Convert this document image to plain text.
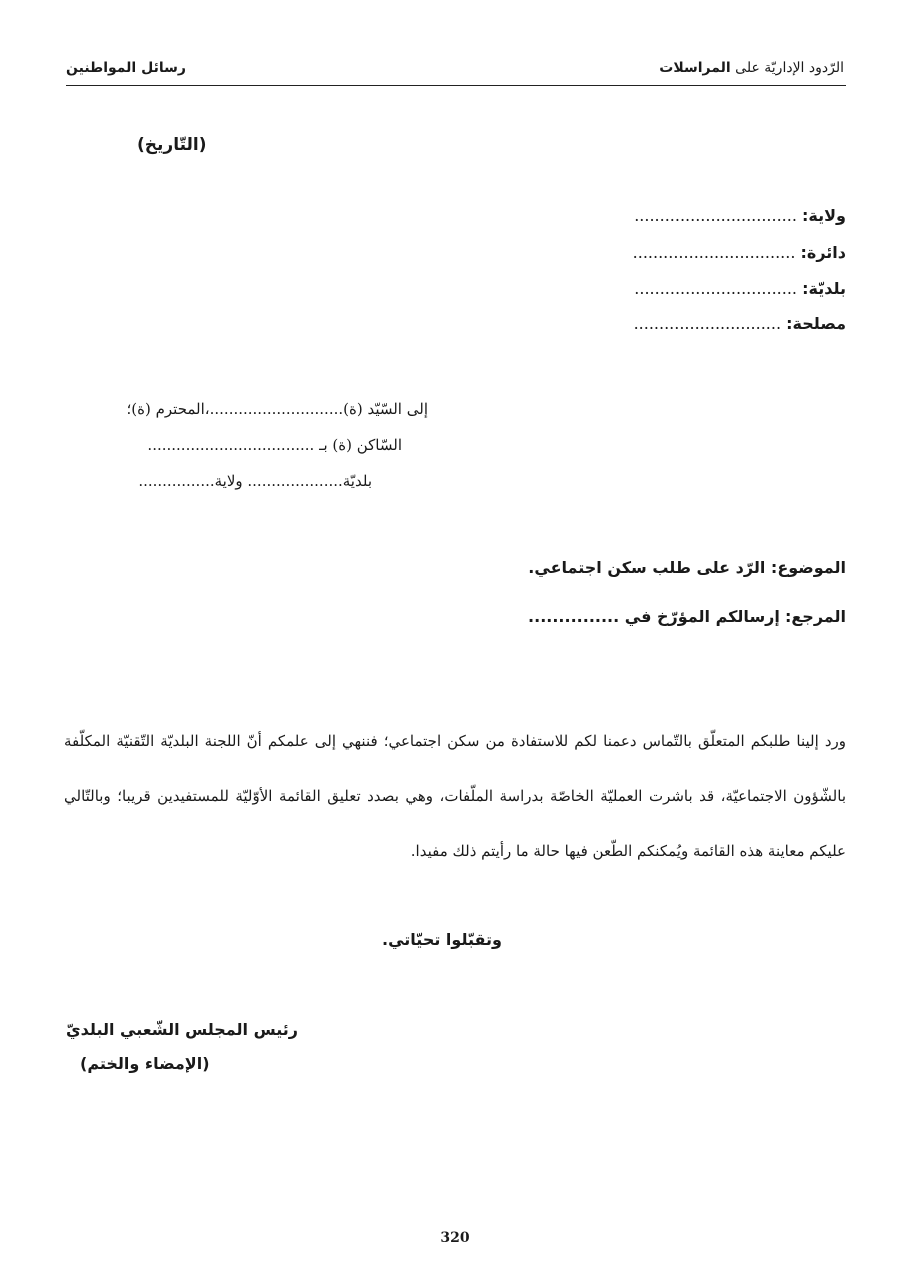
الرّدود الإداريّة على المراسلات
رسائل المواطنين
(التّاريخ)
ولاية: ................................
دائرة: ................................
بلديّة: ................................
مصلحة: .............................
إلى السّيّد (ة)............................،المحترم (ة)؛
السّاكن (ة) بـ ...................................
بلديّة.................... ولاية................
الموضوع: الرّد على طلب سكن اجتماعي.
المرجع: إرسالكم المؤرّخ في ...............
ورد إلينا طلبكم المتعلّق بالتّماس دعمنا لكم للاستفادة من سكن اجتماعي؛ فننهي إلى علمكم أنّ اللجنة البلديّة التّقنيّة المكلّفة بالشّؤون الاجتماعيّة، قد باشرت العمليّة الخاصّة بدراسة الملّفات، وهي بصدد تعليق القائمة الأوّليّة للمستفيدين قريبا؛ وبالتّالي عليكم معاينة هذه القائمة ويُمكنكم الطّعن فيها حالة ما رأيتم ذلك مفيدا.
وتقبّلوا تحيّاتي.
رئيس المجلس الشّعبي البلديّ
(الإمضاء والختم)
320
